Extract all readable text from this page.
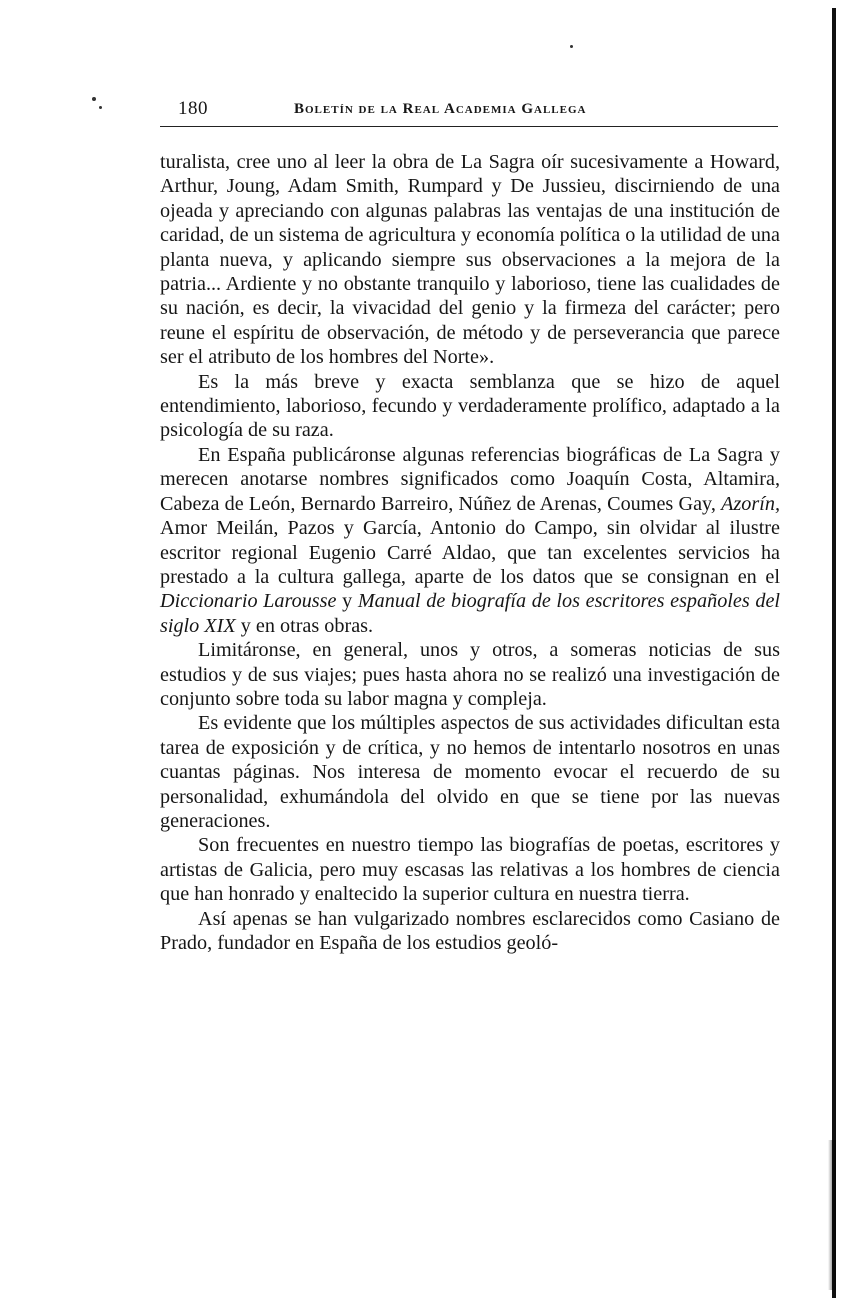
180	Boletín de la Real Academia Gallega

turalista, cree uno al leer la obra de La Sagra oír sucesivamente a Howard, Arthur, Joung, Adam Smith, Rumpard y De Jussieu, discirniendo de una ojeada y apreciando con algunas palabras las ventajas de una institución de caridad, de un sistema de agricultura y economía política o la utilidad de una planta nueva, y aplicando siempre sus observaciones a la mejora de la patria... Ardiente y no obstante tranquilo y laborioso, tiene las cualidades de su nación, es decir, la vivacidad del genio y la firmeza del carácter; pero reune el espíritu de observación, de método y de perseverancia que parece ser el atributo de los hombres del Norte».

Es la más breve y exacta semblanza que se hizo de aquel entendimiento, laborioso, fecundo y verdaderamente prolífico, adaptado a la psicología de su raza.

En España publicáronse algunas referencias biográficas de La Sagra y merecen anotarse nombres significados como Joaquín Costa, Altamira, Cabeza de León, Bernardo Barreiro, Núñez de Arenas, Coumes Gay, Azorín, Amor Meilán, Pazos y García, Antonio do Campo, sin olvidar al ilustre escritor regional Eugenio Carré Aldao, que tan excelentes servicios ha prestado a la cultura gallega, aparte de los datos que se consignan en el Diccionario Larousse y Manual de biografía de los escritores españoles del siglo XIX y en otras obras.

Limitáronse, en general, unos y otros, a someras noticias de sus estudios y de sus viajes; pues hasta ahora no se realizó una investigación de conjunto sobre toda su labor magna y compleja.

Es evidente que los múltiples aspectos de sus actividades dificultan esta tarea de exposición y de crítica, y no hemos de intentarlo nosotros en unas cuantas páginas. Nos interesa de momento evocar el recuerdo de su personalidad, exhumándola del olvido en que se tiene por las nuevas generaciones.

Son frecuentes en nuestro tiempo las biografías de poetas, escritores y artistas de Galicia, pero muy escasas las relativas a los hombres de ciencia que han honrado y enaltecido la superior cultura en nuestra tierra.

Así apenas se han vulgarizado nombres esclarecidos como Casiano de Prado, fundador en España de los estudios geoló-
